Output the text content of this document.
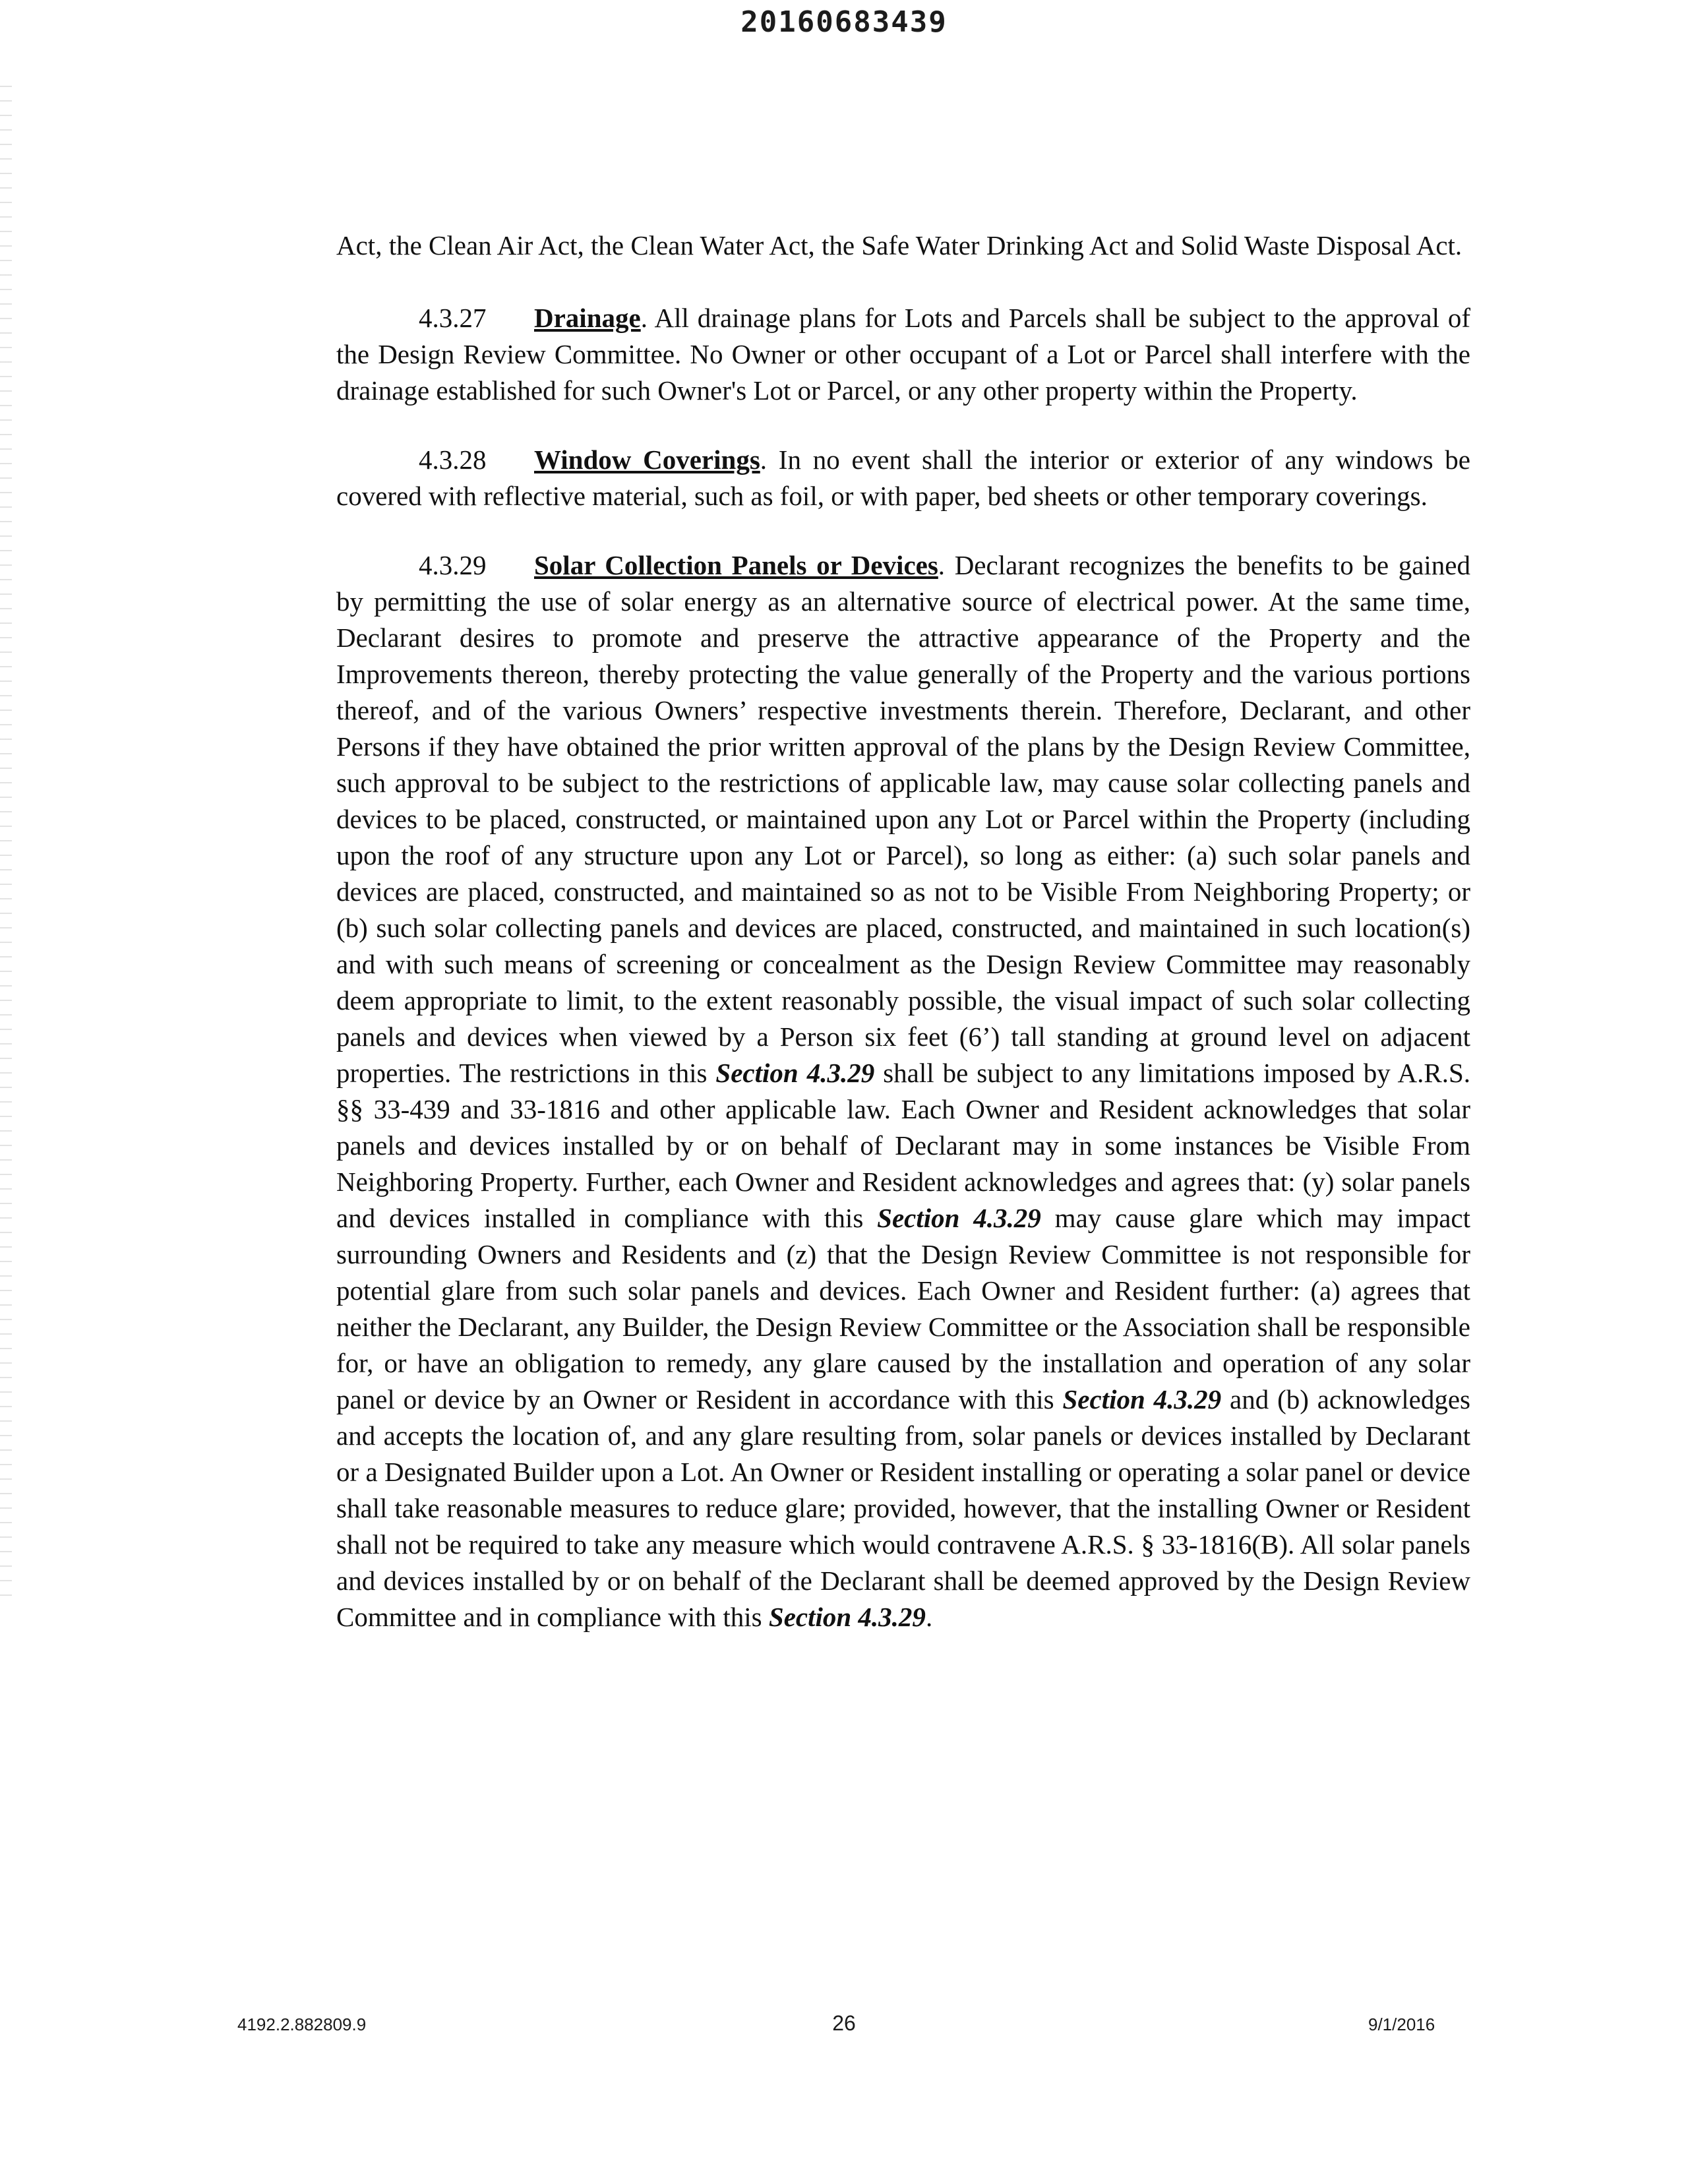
20160683439

Act, the Clean Air Act, the Clean Water Act, the Safe Water Drinking Act and Solid Waste Disposal Act.

4.3.27 Drainage. All drainage plans for Lots and Parcels shall be subject to the approval of the Design Review Committee. No Owner or other occupant of a Lot or Parcel shall interfere with the drainage established for such Owner's Lot or Parcel, or any other property within the Property.

4.3.28 Window Coverings. In no event shall the interior or exterior of any windows be covered with reflective material, such as foil, or with paper, bed sheets or other temporary coverings.

4.3.29 Solar Collection Panels or Devices. Declarant recognizes the benefits to be gained by permitting the use of solar energy as an alternative source of electrical power. At the same time, Declarant desires to promote and preserve the attractive appearance of the Property and the Improvements thereon, thereby protecting the value generally of the Property and the various portions thereof, and of the various Owners’ respective investments therein. Therefore, Declarant, and other Persons if they have obtained the prior written approval of the plans by the Design Review Committee, such approval to be subject to the restrictions of applicable law, may cause solar collecting panels and devices to be placed, constructed, or maintained upon any Lot or Parcel within the Property (including upon the roof of any structure upon any Lot or Parcel), so long as either: (a) such solar panels and devices are placed, constructed, and maintained so as not to be Visible From Neighboring Property; or (b) such solar collecting panels and devices are placed, constructed, and maintained in such location(s) and with such means of screening or concealment as the Design Review Committee may reasonably deem appropriate to limit, to the extent reasonably possible, the visual impact of such solar collecting panels and devices when viewed by a Person six feet (6’) tall standing at ground level on adjacent properties. The restrictions in this Section 4.3.29 shall be subject to any limitations imposed by A.R.S. §§ 33-439 and 33-1816 and other applicable law. Each Owner and Resident acknowledges that solar panels and devices installed by or on behalf of Declarant may in some instances be Visible From Neighboring Property. Further, each Owner and Resident acknowledges and agrees that: (y) solar panels and devices installed in compliance with this Section 4.3.29 may cause glare which may impact surrounding Owners and Residents and (z) that the Design Review Committee is not responsible for potential glare from such solar panels and devices. Each Owner and Resident further: (a) agrees that neither the Declarant, any Builder, the Design Review Committee or the Association shall be responsible for, or have an obligation to remedy, any glare caused by the installation and operation of any solar panel or device by an Owner or Resident in accordance with this Section 4.3.29 and (b) acknowledges and accepts the location of, and any glare resulting from, solar panels or devices installed by Declarant or a Designated Builder upon a Lot. An Owner or Resident installing or operating a solar panel or device shall take reasonable measures to reduce glare; provided, however, that the installing Owner or Resident shall not be required to take any measure which would contravene A.R.S. § 33-1816(B). All solar panels and devices installed by or on behalf of the Declarant shall be deemed approved by the Design Review Committee and in compliance with this Section 4.3.29.

4192.2.882809.9	26	9/1/2016
